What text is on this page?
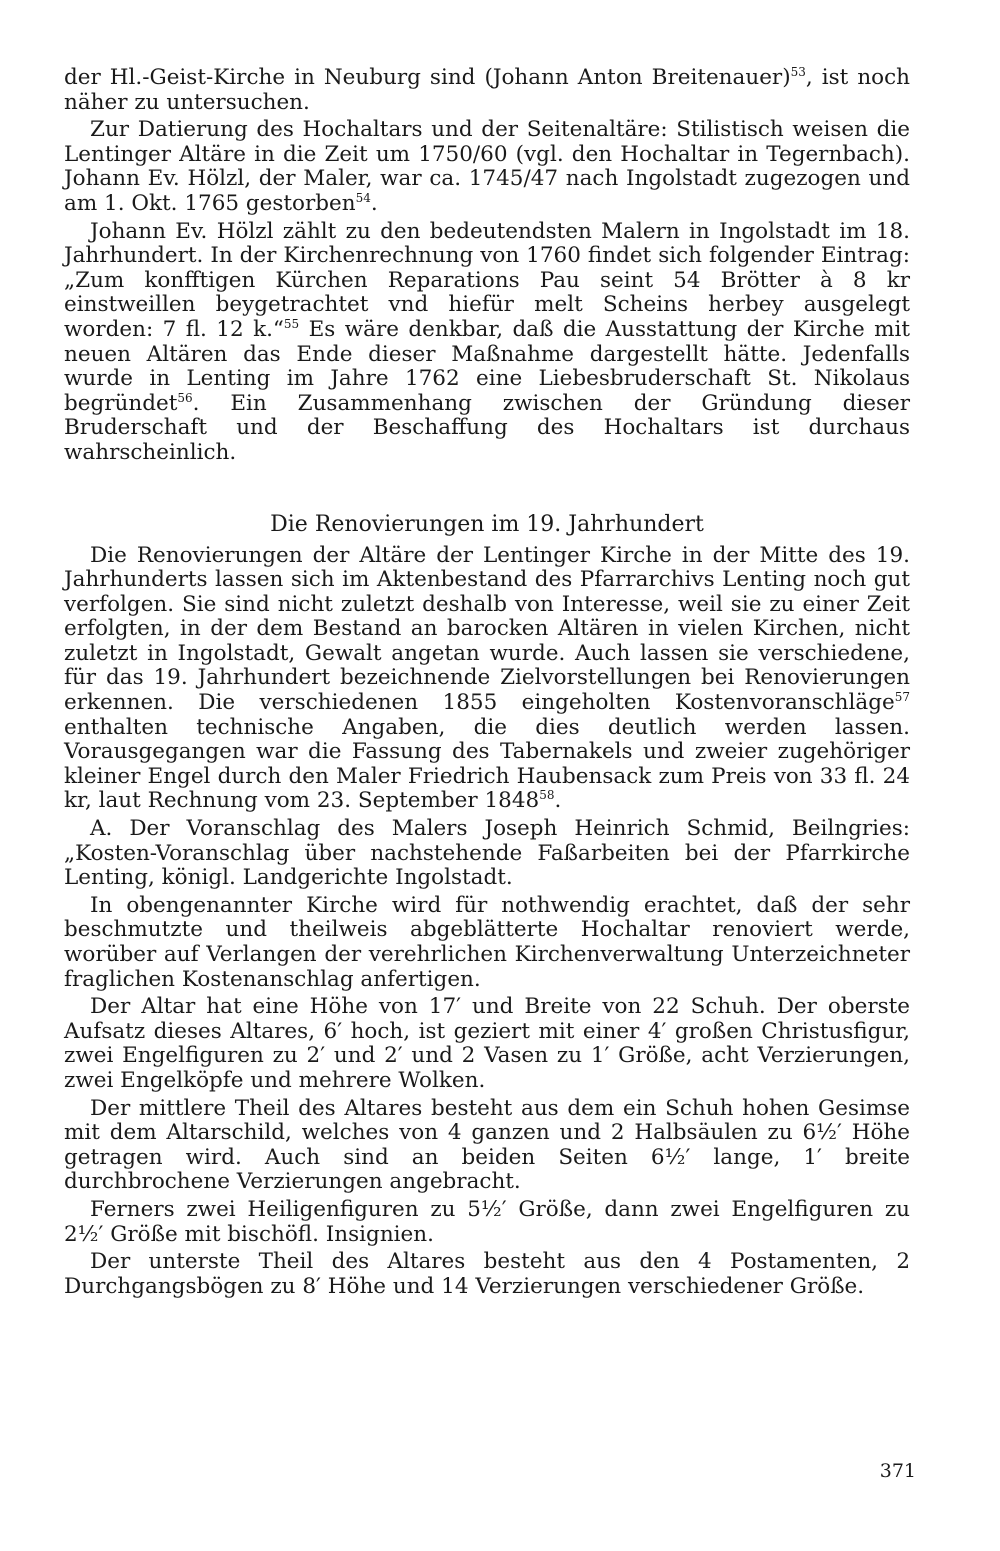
der Hl.-Geist-Kirche in Neuburg sind (Johann Anton Breitenauer)$^{53}$, ist noch näher zu untersuchen.

Zur Datierung des Hochaltars und der Seitenaltäre: Stilistisch weisen die Lentinger Altäre in die Zeit um 1750/60 (vgl. den Hochaltar in Tegernbach). Johann Ev. Hölzl, der Maler, war ca. 1745/47 nach Ingolstadt zugezogen und am 1. Okt. 1765 gestorben$^{54}$.

Johann Ev. Hölzl zählt zu den bedeutendsten Malern in Ingolstadt im 18. Jahrhundert. In der Kirchenrechnung von 1760 findet sich folgender Eintrag: „Zum konfftigen Kürchen Reparations Pau seint 54 Brötter à 8 kr einstweillen beygetrachtet vnd hiefür melt Scheins herbey ausgelegt worden: 7 fl. 12 k.“$^{55}$ Es wäre denkbar, daß die Ausstattung der Kirche mit neuen Altären das Ende dieser Maßnahme dargestellt hätte. Jedenfalls wurde in Lenting im Jahre 1762 eine Liebesbruderschaft St. Nikolaus begründet$^{56}$. Ein Zusammenhang zwischen der Gründung dieser Bruderschaft und der Beschaffung des Hochaltars ist durchaus wahrscheinlich.

Die Renovierungen im 19. Jahrhundert

Die Renovierungen der Altäre der Lentinger Kirche in der Mitte des 19. Jahrhunderts lassen sich im Aktenbestand des Pfarrarchivs Lenting noch gut verfolgen. Sie sind nicht zuletzt deshalb von Interesse, weil sie zu einer Zeit erfolgten, in der dem Bestand an barocken Altären in vielen Kirchen, nicht zuletzt in Ingolstadt, Gewalt angetan wurde. Auch lassen sie verschiedene, für das 19. Jahrhundert bezeichnende Zielvorstellungen bei Renovierungen erkennen. Die verschiedenen 1855 eingeholten Kostenvoranschläge$^{57}$ enthalten technische Angaben, die dies deutlich werden lassen. Vorausgegangen war die Fassung des Tabernakels und zweier zugehöriger kleiner Engel durch den Maler Friedrich Haubensack zum Preis von 33 fl. 24 kr, laut Rechnung vom 23. September 1848$^{58}$.

A. Der Voranschlag des Malers Joseph Heinrich Schmid, Beilngries: „Kosten-Voranschlag über nachstehende Faßarbeiten bei der Pfarrkirche Lenting, königl. Landgerichte Ingolstadt.

In obengenannter Kirche wird für nothwendig erachtet, daß der sehr beschmutzte und theilweis abgeblätterte Hochaltar renoviert werde, worüber auf Verlangen der verehrlichen Kirchenverwaltung Unterzeichneter fraglichen Kostenanschlag anfertigen.

Der Altar hat eine Höhe von 17′ und Breite von 22 Schuh. Der oberste Aufsatz dieses Altares, 6′ hoch, ist geziert mit einer 4′ großen Christusfigur, zwei Engelfiguren zu 2′ und 2′ und 2 Vasen zu 1′ Größe, acht Verzierungen, zwei Engelköpfe und mehrere Wolken.

Der mittlere Theil des Altares besteht aus dem ein Schuh hohen Gesimse mit dem Altarschild, welches von 4 ganzen und 2 Halbsäulen zu 6½′ Höhe getragen wird. Auch sind an beiden Seiten 6½′ lange, 1′ breite durchbrochene Verzierungen angebracht.

Ferners zwei Heiligenfiguren zu 5½′ Größe, dann zwei Engelfiguren zu 2½′ Größe mit bischöfl. Insignien.

Der unterste Theil des Altares besteht aus den 4 Postamenten, 2 Durchgangsbögen zu 8′ Höhe und 14 Verzierungen verschiedener Größe.

371
